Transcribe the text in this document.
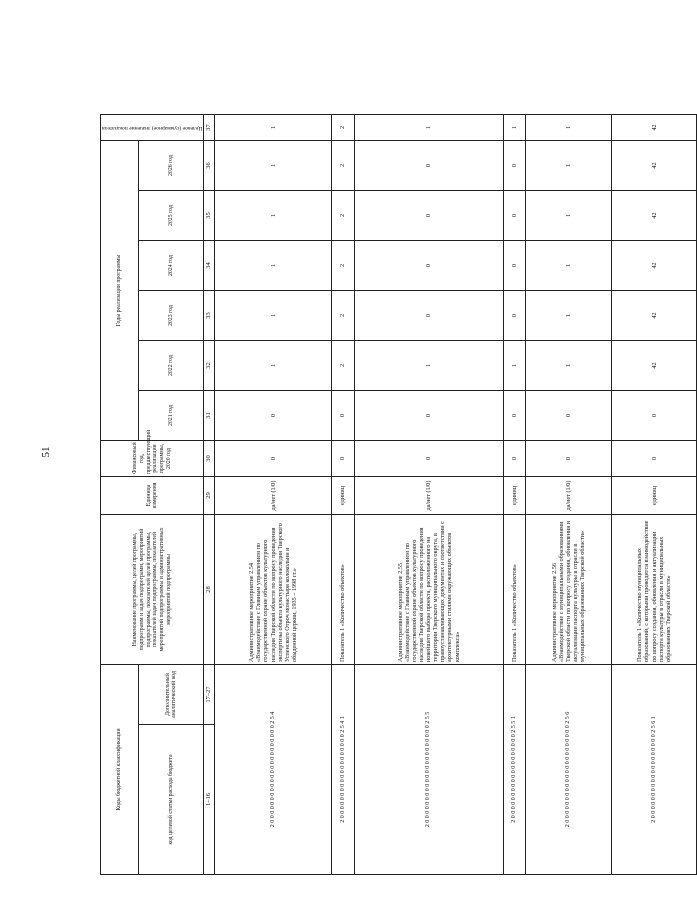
51
Коды бюджетной классификации		Наименование программы, целей программы, подпрограмм и задач подпрограмм, мероприятий подпрограммы, показателей целей программы, показателей задач подпрограммы, показателей мероприятий подпрограммы и административных мероприятий подпрограммы	Единица измерения	Финансовый год, предшествующий реализации программы, 2020 год	Годы реализации программы						Целевое (суммарное) значение показателя

код целевой статьи расхода бюджета	Дополнительный аналитический код				2021 год	2022 год	2023 год	2024 год	2025 год	2026 год	
1–16	17–27	28	29	30	31	32	33	34	35	36	37
2 0 0 0 0 0 0 0 0 0 0 0 0 0 0 0 0 0 0 0 0 0 0 2 5 4		Административное мероприятие 2.54 «Взаимодействие с Главным управлением по государственной охране объектов культурного наследия Тверской области по вопросу проведения экспертизы объекта культурного наследия Тверского Успенского Отроч монастыря колокольни и обыденной церкви, 1935 – 1998 гг.»	да/нет (1/0)	0	0	1	1	1	1	1	1
2 0 0 0 0 0 0 0 0 0 0 0 0 0 0 0 0 0 0 0 2 5 4 1		Показатель 1 «Количество объектов»	единиц	0	0	2	2	2	2	2	2
2 0 0 0 0 0 0 0 0 0 0 0 0 0 0 0 0 0 0 0 0 0 0 2 5 5		Административное мероприятие 2.55 «Взаимодействие с Главным управлением по государственной охране объектов культурного наследия Тверской области по вопросу проведения новейшего выбора проекта, расположенного на территории Тверского муниципального округа, в правоустанавливающих документах и соответствии с архитектурными стилями окружающих объектов комплекса»	да/нет (1/0)	0	0	1	0	0	0	0	1
2 0 0 0 0 0 0 0 0 0 0 0 0 0 0 0 0 0 0 0 2 5 5 1		Показатель 1 «Количество объектов»	единиц	0	0	1	0	0	0	0	1
2 0 0 0 0 0 0 0 0 0 0 0 0 0 0 0 0 0 0 0 0 0 0 2 5 6		Административное мероприятие 2.56 «Взаимодействие с муниципальными образованиями Тверской области по вопросу создания, обновления и актуализации паспорта культуры в отрасли в муниципальных образованиях Тверской области»	да/нет (1/0)	0	0	1	1	1	1	1	1
2 0 0 0 0 0 0 0 0 0 0 0 0 0 0 0 0 0 0 0 2 5 6 1		Показатель 1 «Количество муниципальных образований, с которыми проводится взаимодействие по вопросу создания, обновления и актуализации паспорта культуры в отрасли в муниципальных образованиях Тверской области»	единиц	0	0	42	42	42	42	42	42
